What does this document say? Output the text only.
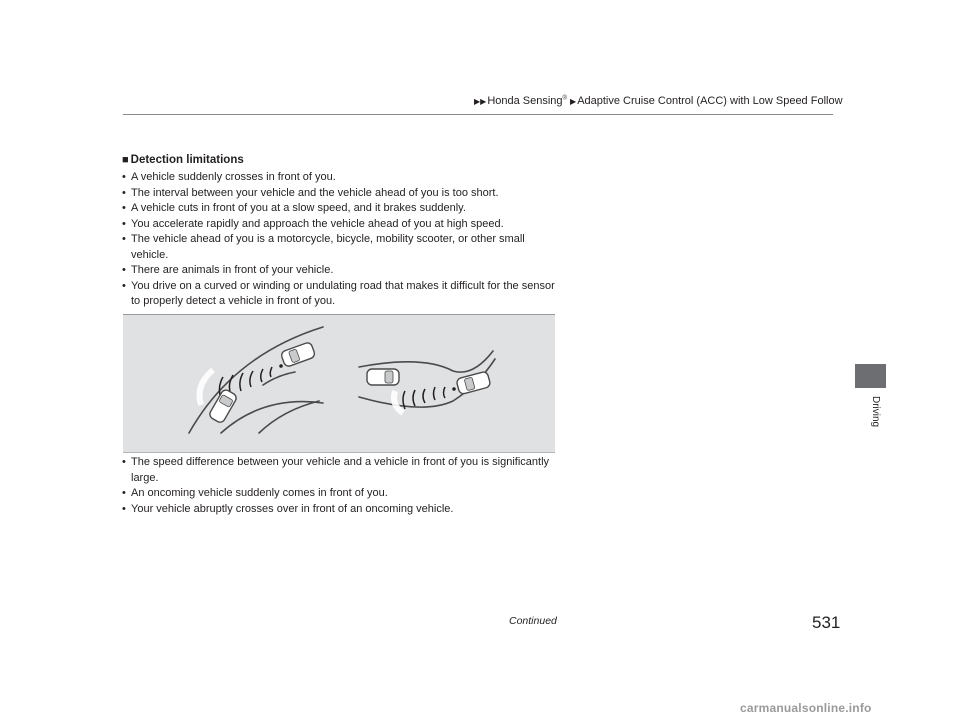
▶▶Honda Sensing® ▶Adaptive Cruise Control (ACC) with Low Speed Follow
Driving
■ Detection limitations
• A vehicle suddenly crosses in front of you.
• The interval between your vehicle and the vehicle ahead of you is too short.
• A vehicle cuts in front of you at a slow speed, and it brakes suddenly.
• You accelerate rapidly and approach the vehicle ahead of you at high speed.
• The vehicle ahead of you is a motorcycle, bicycle, mobility scooter, or other small vehicle.
• There are animals in front of your vehicle.
• You drive on a curved or winding or undulating road that makes it difficult for the sensor to properly detect a vehicle in front of you.
• The speed difference between your vehicle and a vehicle in front of you is significantly large.
• An oncoming vehicle suddenly comes in front of you.
• Your vehicle abruptly crosses over in front of an oncoming vehicle.
Continued	531
carmanualsonline.info
